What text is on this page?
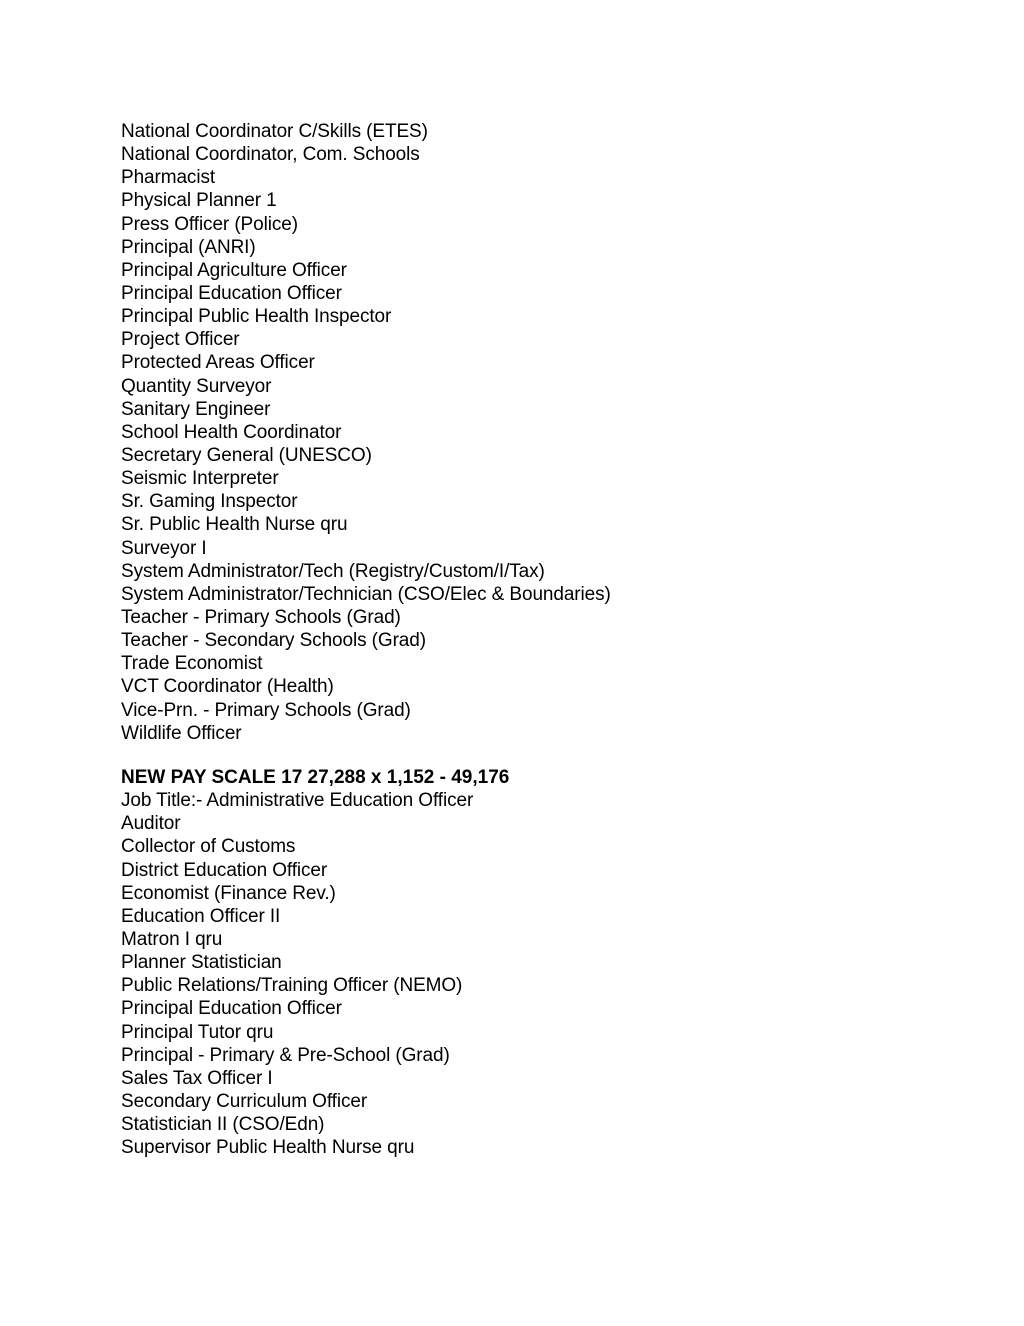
National Coordinator C/Skills (ETES)
National Coordinator, Com. Schools
Pharmacist
Physical Planner 1
Press Officer (Police)
Principal (ANRI)
Principal Agriculture Officer
Principal Education Officer
Principal Public Health Inspector
Project Officer
Protected Areas Officer
Quantity Surveyor
Sanitary Engineer
School Health Coordinator
Secretary General (UNESCO)
Seismic Interpreter
Sr. Gaming Inspector
Sr. Public Health Nurse qru
Surveyor I
System Administrator/Tech (Registry/Custom/I/Tax)
System Administrator/Technician (CSO/Elec & Boundaries)
Teacher - Primary Schools (Grad)
Teacher - Secondary Schools (Grad)
Trade Economist
VCT Coordinator (Health)
Vice-Prn. - Primary Schools (Grad)
Wildlife Officer
NEW PAY SCALE 17 27,288 x 1,152 - 49,176
Job Title:- Administrative Education Officer
Auditor
Collector of Customs
District Education Officer
Economist (Finance Rev.)
Education Officer II
Matron I qru
Planner Statistician
Public Relations/Training Officer (NEMO)
Principal Education Officer
Principal Tutor qru
Principal - Primary & Pre-School (Grad)
Sales Tax Officer I
Secondary Curriculum Officer
Statistician II (CSO/Edn)
Supervisor Public Health Nurse qru
